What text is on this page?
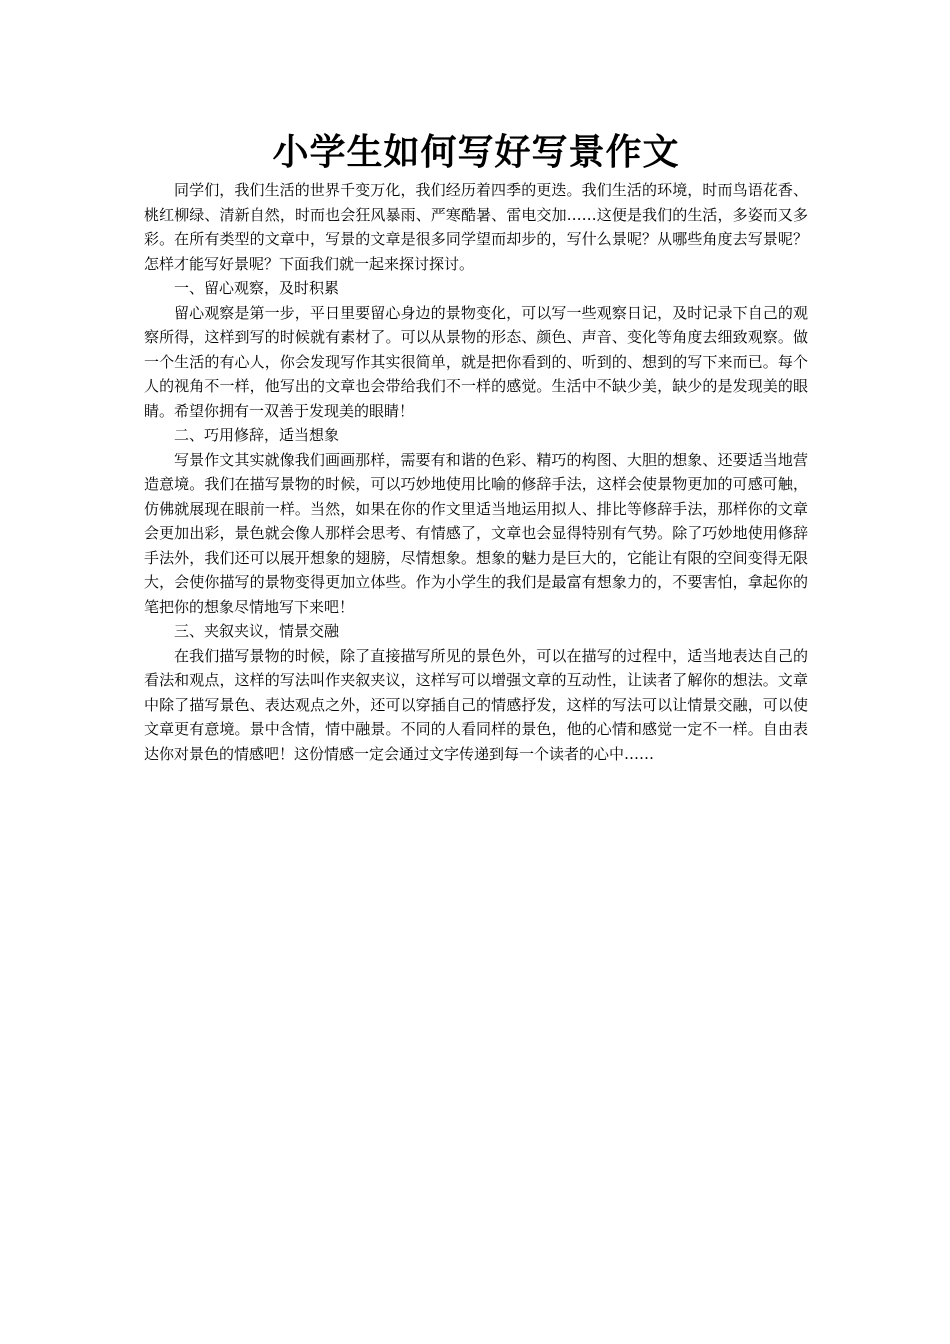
小学生如何写好写景作文

同学们，我们生活的世界千变万化，我们经历着四季的更迭。我们生活的环境，时而鸟语花香、桃红柳绿、清新自然，时而也会狂风暴雨、严寒酷暑、雷电交加……这便是我们的生活，多姿而又多彩。在所有类型的文章中，写景的文章是很多同学望而却步的，写什么景呢？从哪些角度去写景呢？怎样才能写好景呢？下面我们就一起来探讨探讨。

一、留心观察，及时积累

留心观察是第一步，平日里要留心身边的景物变化，可以写一些观察日记，及时记录下自己的观察所得，这样到写的时候就有素材了。可以从景物的形态、颜色、声音、变化等角度去细致观察。做一个生活的有心人，你会发现写作其实很简单，就是把你看到的、听到的、想到的写下来而已。每个人的视角不一样，他写出的文章也会带给我们不一样的感觉。生活中不缺少美，缺少的是发现美的眼睛。希望你拥有一双善于发现美的眼睛！

二、巧用修辞，适当想象

写景作文其实就像我们画画那样，需要有和谐的色彩、精巧的构图、大胆的想象、还要适当地营造意境。我们在描写景物的时候，可以巧妙地使用比喻的修辞手法，这样会使景物更加的可感可触，仿佛就展现在眼前一样。当然，如果在你的作文里适当地运用拟人、排比等修辞手法，那样你的文章会更加出彩，景色就会像人那样会思考、有情感了，文章也会显得特别有气势。除了巧妙地使用修辞手法外，我们还可以展开想象的翅膀，尽情想象。想象的魅力是巨大的，它能让有限的空间变得无限大，会使你描写的景物变得更加立体些。作为小学生的我们是最富有想象力的，不要害怕，拿起你的笔把你的想象尽情地写下来吧！

三、夹叙夹议，情景交融

在我们描写景物的时候，除了直接描写所见的景色外，可以在描写的过程中，适当地表达自己的看法和观点，这样的写法叫作夹叙夹议，这样写可以增强文章的互动性，让读者了解你的想法。文章中除了描写景色、表达观点之外，还可以穿插自己的情感抒发，这样的写法可以让情景交融，可以使文章更有意境。景中含情，情中融景。不同的人看同样的景色，他的心情和感觉一定不一样。自由表达你对景色的情感吧！这份情感一定会通过文字传递到每一个读者的心中……
